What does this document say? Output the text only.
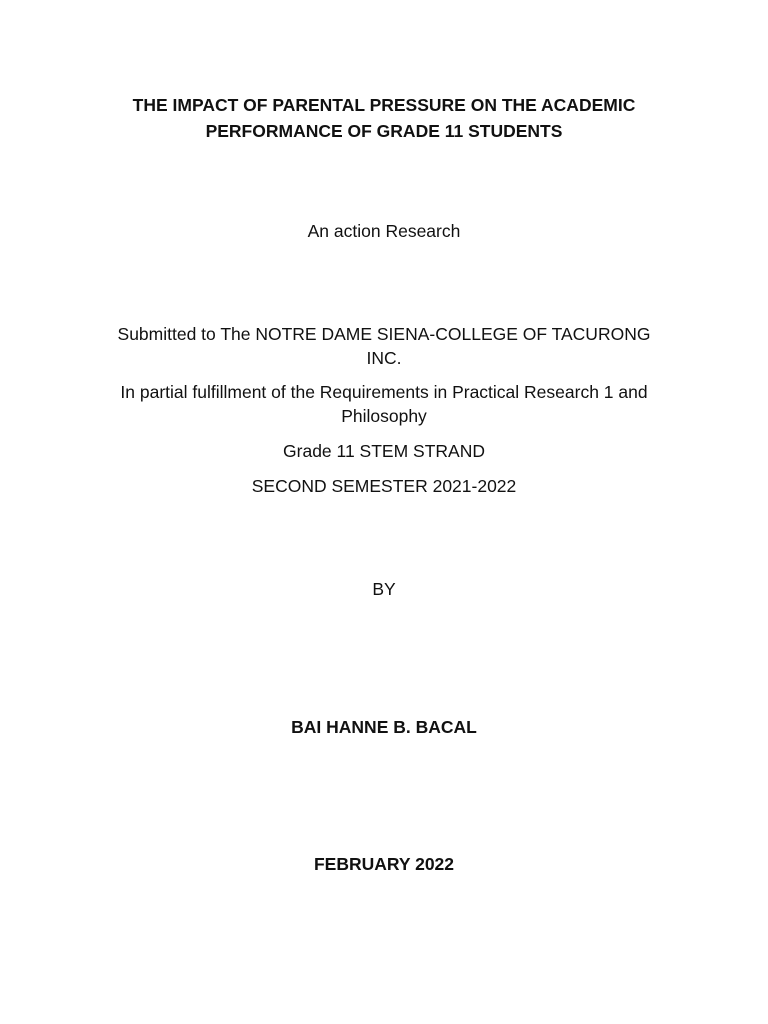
THE IMPACT OF PARENTAL PRESSURE ON THE ACADEMIC
PERFORMANCE OF GRADE 11 STUDENTS
An action Research
Submitted to The NOTRE DAME SIENA-COLLEGE OF TACURONG
INC.
In partial fulfillment of the Requirements in Practical Research 1 and
Philosophy
Grade 11 STEM STRAND
SECOND SEMESTER 2021-2022
BY
BAI HANNE B. BACAL
FEBRUARY 2022
